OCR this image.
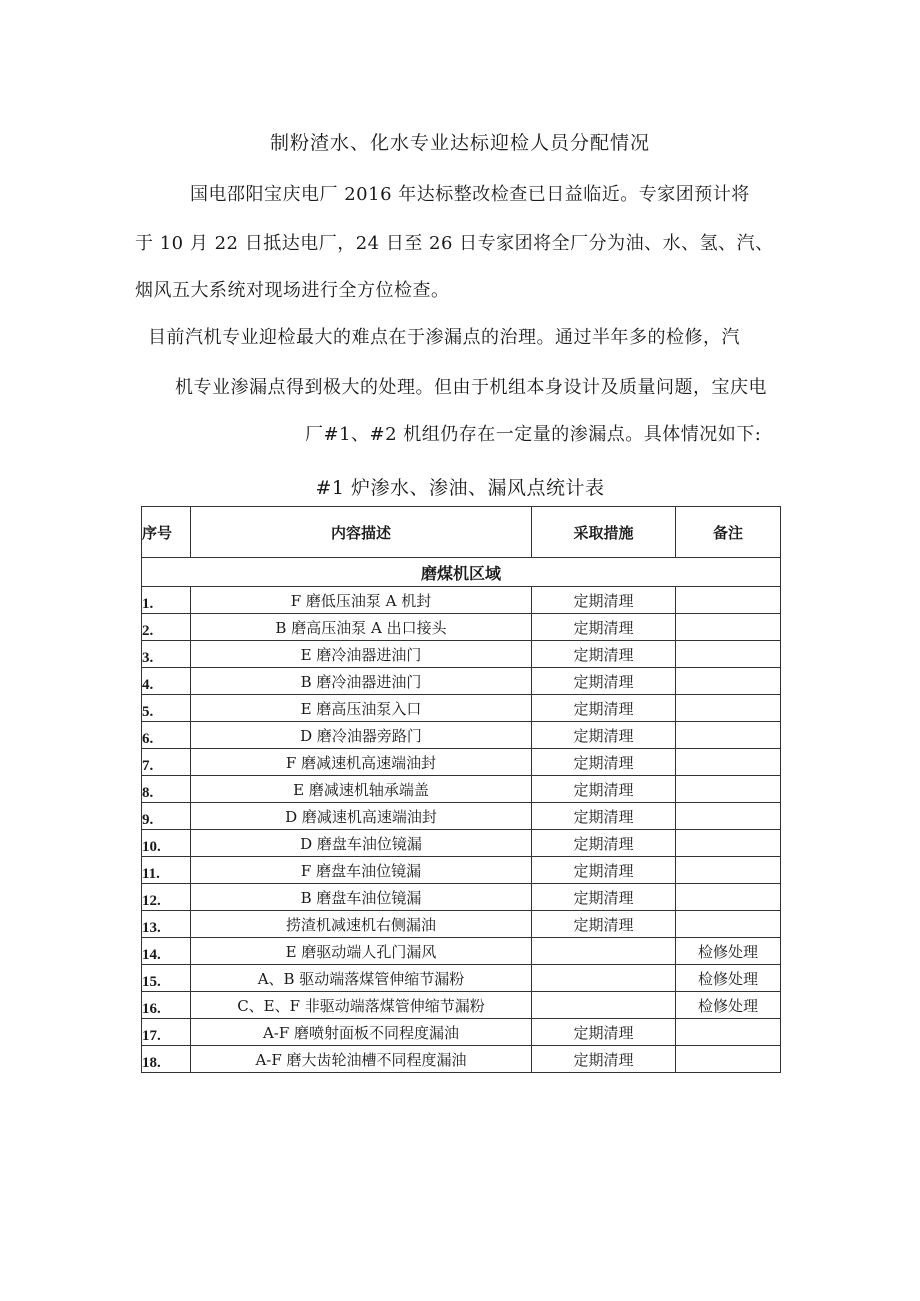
制粉渣水、化水专业达标迎检人员分配情况
国电邵阳宝庆电厂 2016 年达标整改检查已日益临近。专家团预计将
于 10 月 22 日抵达电厂，24 日至 26 日专家团将全厂分为油、水、氢、汽、
烟风五大系统对现场进行全方位检查。
目前汽机专业迎检最大的难点在于渗漏点的治理。通过半年多的检修，汽
机专业渗漏点得到极大的处理。但由于机组本身设计及质量问题，宝庆电
厂#1、#2 机组仍存在一定量的渗漏点。具体情况如下:
#1 炉渗水、渗油、漏风点统计表
序号	内容描述	采取措施	备注
磨煤机区域			
1.	F 磨低压油泵 A 机封	定期清理	
2.	B 磨高压油泵 A 出口接头	定期清理	
3.	E 磨冷油器进油门	定期清理	
4.	B 磨冷油器进油门	定期清理	
5.	E 磨高压油泵入口	定期清理	
6.	D 磨冷油器旁路门	定期清理	
7.	F 磨减速机高速端油封	定期清理	
8.	E 磨减速机轴承端盖	定期清理	
9.	D 磨减速机高速端油封	定期清理	
10.	D 磨盘车油位镜漏	定期清理	
11.	F 磨盘车油位镜漏	定期清理	
12.	B 磨盘车油位镜漏	定期清理	
13.	捞渣机减速机右侧漏油	定期清理	
14.	E 磨驱动端人孔门漏风		检修处理
15.	A、B 驱动端落煤管伸缩节漏粉		检修处理
16.	C、E、F 非驱动端落煤管伸缩节漏粉		检修处理
17.	A-F 磨喷射面板不同程度漏油	定期清理	
18.	A-F 磨大齿轮油槽不同程度漏油	定期清理	
